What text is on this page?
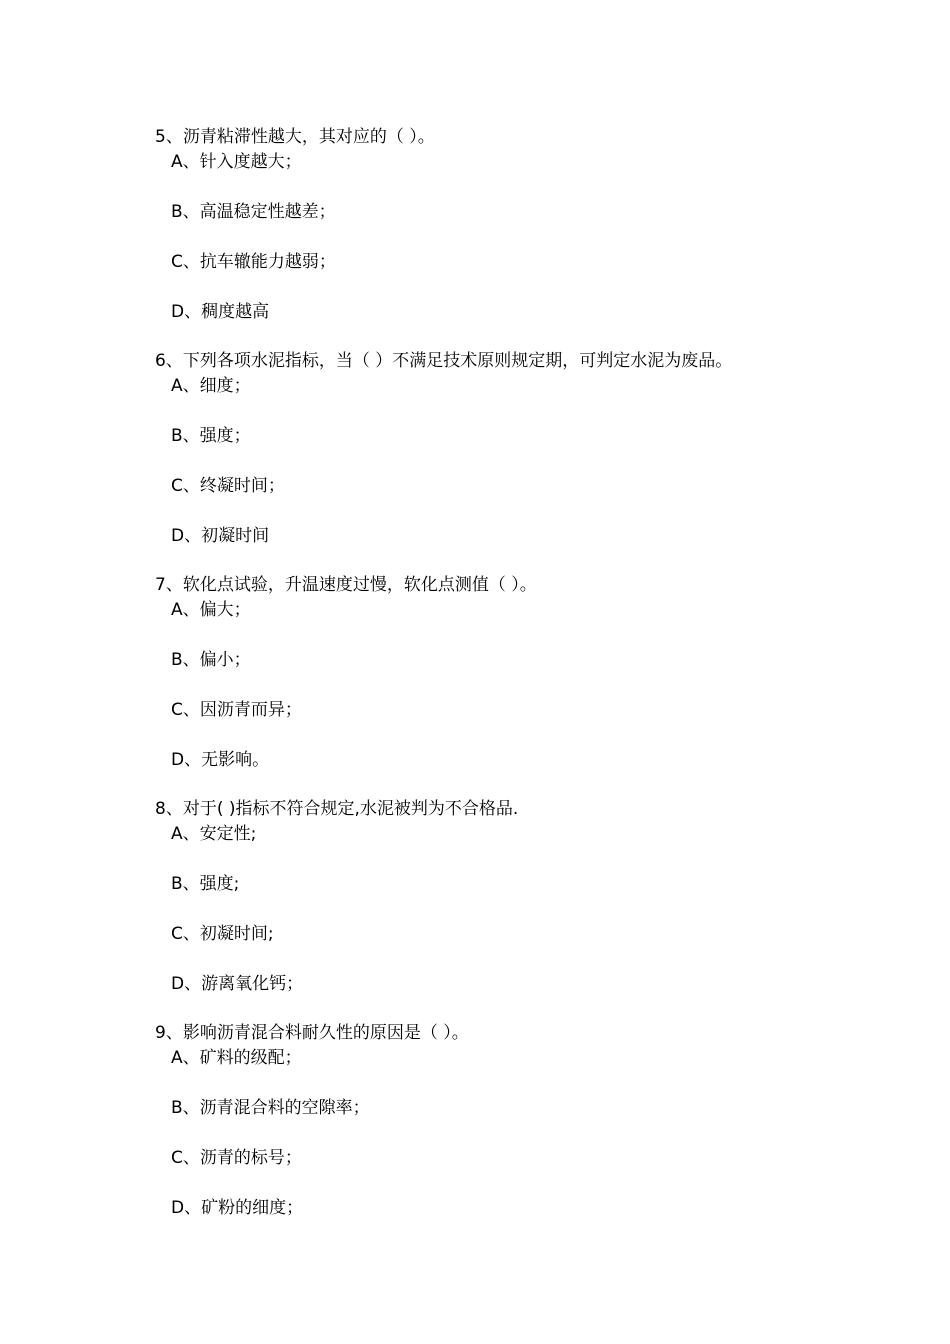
5、沥青粘滞性越大，其对应的（ ）。
A、针入度越大；
B、高温稳定性越差；
C、抗车辙能力越弱；
D、稠度越高
6、下列各项水泥指标，当（ ）不满足技术原则规定期，可判定水泥为废品。
A、细度；
B、强度；
C、终凝时间；
D、初凝时间
7、软化点试验，升温速度过慢，软化点测值（ ）。
A、偏大；
B、偏小；
C、因沥青而异；
D、无影响。
8、对于( )指标不符合规定,水泥被判为不合格品.
A、安定性;
B、强度;
C、初凝时间;
D、游离氧化钙；
9、影响沥青混合料耐久性的原因是（ ）。
A、矿料的级配；
B、沥青混合料的空隙率；
C、沥青的标号；
D、矿粉的细度；
